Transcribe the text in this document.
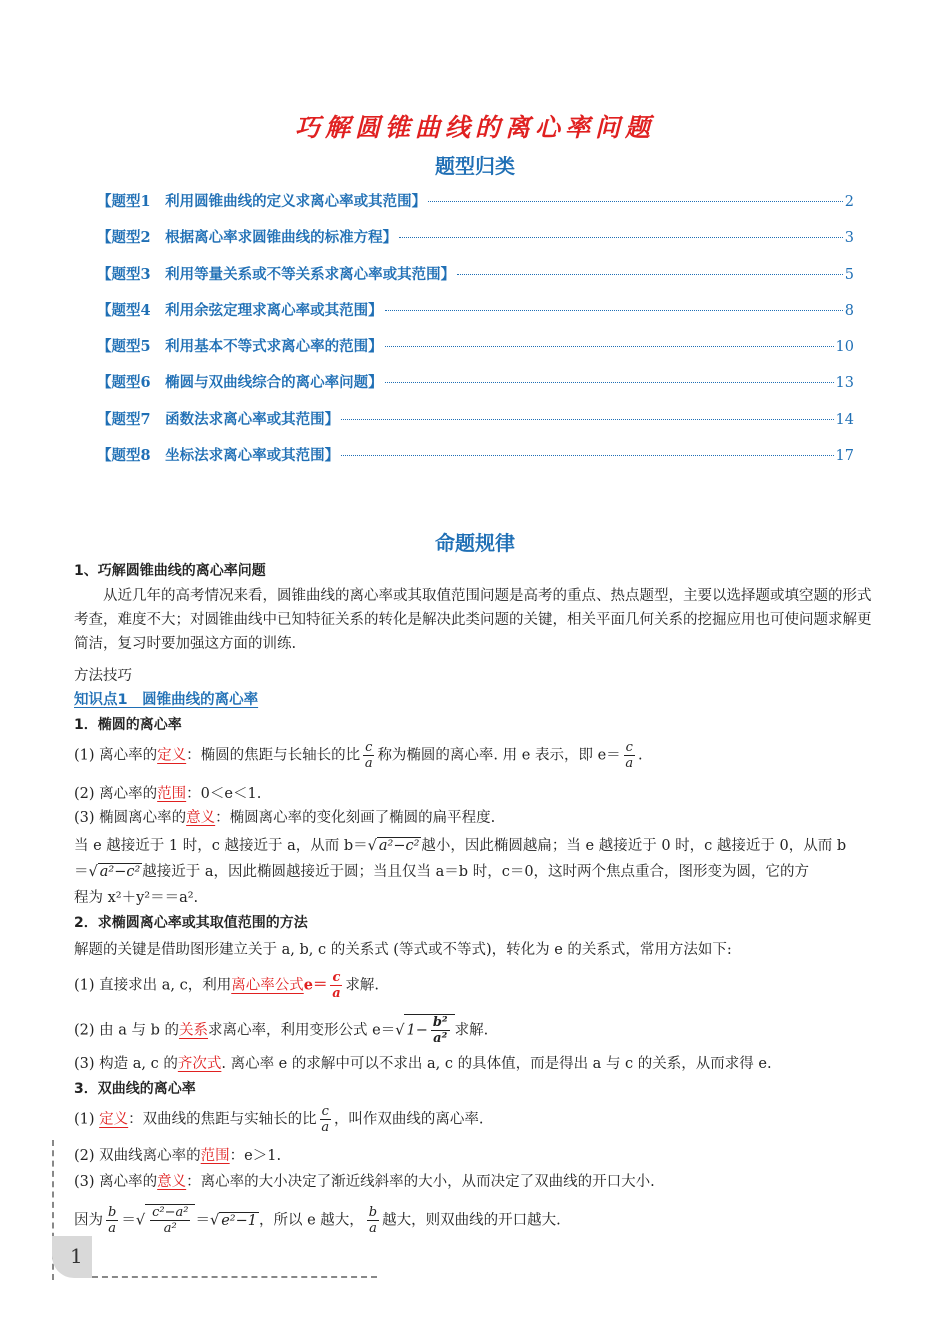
巧解圆锥曲线的离心率问题
题型归类
【题型1　利用圆锥曲线的定义求离心率或其范围】	2
【题型2　根据离心率求圆锥曲线的标准方程】	3
【题型3　利用等量关系或不等关系求离心率或其范围】	5
【题型4　利用余弦定理求离心率或其范围】	8
【题型5　利用基本不等式求离心率的范围】	10
【题型6　椭圆与双曲线综合的离心率问题】	13
【题型7　函数法求离心率或其范围】	14
【题型8　坐标法求离心率或其范围】	17
命题规律
1、巧解圆锥曲线的离心率问题
从近几年的高考情况来看，圆锥曲线的离心率或其取值范围问题是高考的重点、热点题型，主要以选择题或填空题的形式考查，难度不大；对圆锥曲线中已知特征关系的转化是解决此类问题的关键，相关平面几何关系的挖掘应用也可使问题求解更简洁，复习时要加强这方面的训练.
方法技巧
知识点1　圆锥曲线的离心率
1．椭圆的离心率
(1) 离心率的定义：椭圆的焦距与长轴长的比 $\frac{c}{a}$ 称为椭圆的离心率. 用 e 表示，即 $e= \frac{c}{a}$ .
(2) 离心率的范围：0＜e＜1.
(3) 椭圆离心率的意义：椭圆离心率的变化刻画了椭圆的扁平程度.
当 e 越接近于 1 时，c 越接近于 a，从而 b＝√ a²−c² 越小，因此椭圆越扁；当 e 越接近于 0 时，c 越接近于 0，从而 b
＝√ a²−c² 越接近于 a，因此椭圆越接近于圆；当且仅当 a＝b 时，c＝0，这时两个焦点重合，图形变为圆，它的方
程为 x²＋y²＝＝a².
2．求椭圆离心率或其取值范围的方法
解题的关键是借助图形建立关于 a, b, c 的关系式 (等式或不等式)，转化为 e 的关系式，常用方法如下:
(1) 直接求出 a, c，利用离心率公式$e= \frac{c}{a}$ 求解.
(2) 由 a 与 b 的关系求离心率，利用变形公式 e＝√ $1- \frac{\text{b²}}{\text{a²}}$ 求解.
(3) 构造 a, c 的齐次式. 离心率 e 的求解中可以不求出 a, c 的具体值，而是得出 a 与 c 的关系，从而求得 e.
3．双曲线的离心率
(1) 定义：双曲线的焦距与实轴长的比 $\frac{c}{a}$ ，叫作双曲线的离心率.
(2) 双曲线离心率的范围：e＞1.
(3) 离心率的意义：离心率的大小决定了渐近线斜率的大小，从而决定了双曲线的开口大小.
因为 $\frac{b}{a}$ ＝√ $\frac{\text{c²−a²}}{\text{a²}}$ ＝√ e²−1 ，所以 e 越大， $\frac{b}{a}$ 越大，则双曲线的开口越大.
1
